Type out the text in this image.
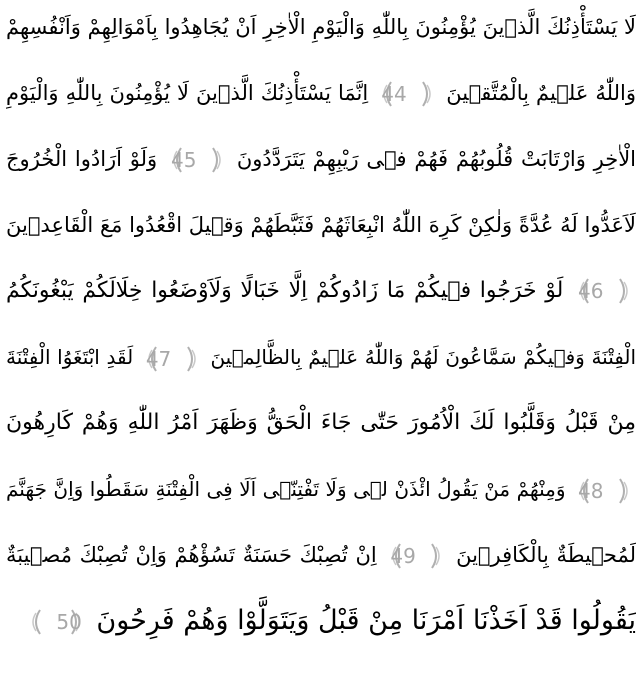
لَا يَسْتَأْذِنُكَ الَّذٖينَ يُؤْمِنُونَ بِاللّٰهِ وَالْيَوْمِ الْاٰخِرِ اَنْ يُجَاهِدُوا بِاَمْوَالِهِمْ وَاَنْفُسِهِمْ
وَاللّٰهُ عَلٖيمٌ بِالْمُتَّقٖينَ
44
اِنَّمَا يَسْتَأْذِنُكَ الَّذٖينَ لَا يُؤْمِنُونَ بِاللّٰهِ وَالْيَوْمِ
الْاٰخِرِ وَارْتَابَتْ قُلُوبُهُمْ فَهُمْ فٖى رَيْبِهِمْ يَتَرَدَّدُونَ
45
وَلَوْ اَرَادُوا الْخُرُوجَ
لَاَعَدُّوا لَهُ عُدَّةً وَلٰكِنْ كَرِهَ اللّٰهُ انْبِعَاثَهُمْ فَثَبَّطَهُمْ وَقٖيلَ اقْعُدُوا مَعَ الْقَاعِدٖينَ
46
لَوْ خَرَجُوا فٖيكُمْ مَا زَادُوكُمْ اِلَّا خَبَالًا وَلَاَوْضَعُوا خِلَالَكُمْ يَبْغُونَكُمُ
الْفِتْنَةَ وَفٖيكُمْ سَمَّاعُونَ لَهُمْ وَاللّٰهُ عَلٖيمٌ بِالظَّالِمٖينَ
47
لَقَدِ ابْتَغَوُا الْفِتْنَةَ
مِنْ قَبْلُ وَقَلَّبُوا لَكَ الْاُمُورَ حَتّٰى جَاءَ الْحَقُّ وَظَهَرَ اَمْرُ اللّٰهِ وَهُمْ كَارِهُونَ
48
وَمِنْهُمْ مَنْ يَقُولُ ائْذَنْ لٖى وَلَا تَفْتِنّٖى اَلَا فِى الْفِتْنَةِ سَقَطُوا وَاِنَّ جَهَنَّمَ
لَمُحٖيطَةٌ بِالْكَافِرٖينَ
49
اِنْ تُصِبْكَ حَسَنَةٌ تَسُؤْهُمْ وَاِنْ تُصِبْكَ مُصٖيبَةٌ
يَقُولُوا قَدْ اَخَذْنَا اَمْرَنَا مِنْ قَبْلُ وَيَتَوَلَّوْا وَهُمْ فَرِحُونَ
50
